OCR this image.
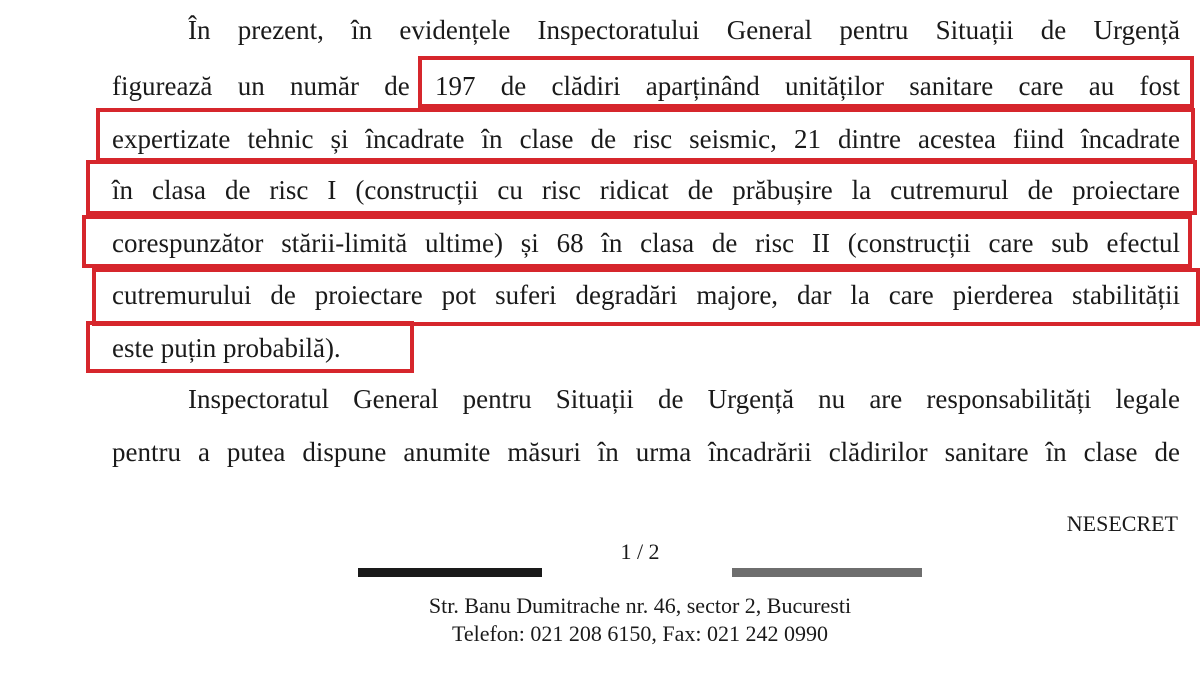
În prezent, în evidențele Inspectoratului General pentru Situații de Urgență
figurează un număr de 197 de clădiri aparținând unităților sanitare care au fost
expertizate tehnic și încadrate în clase de risc seismic, 21 dintre acestea fiind încadrate
în clasa de risc I (construcții cu risc ridicat de prăbușire la cutremurul de proiectare
corespunzător stării-limită ultime) și 68 în clasa de risc II (construcții care sub efectul
cutremurului de proiectare pot suferi degradări majore, dar la care pierderea stabilității
este puțin probabilă).
Inspectoratul General pentru Situații de Urgență nu are responsabilități legale
pentru a putea dispune anumite măsuri în urma încadrării clădirilor sanitare în clase de
NESECRET
1 / 2
Str. Banu Dumitrache nr. 46, sector 2, Bucuresti
Telefon: 021 208 6150, Fax: 021 242 0990
